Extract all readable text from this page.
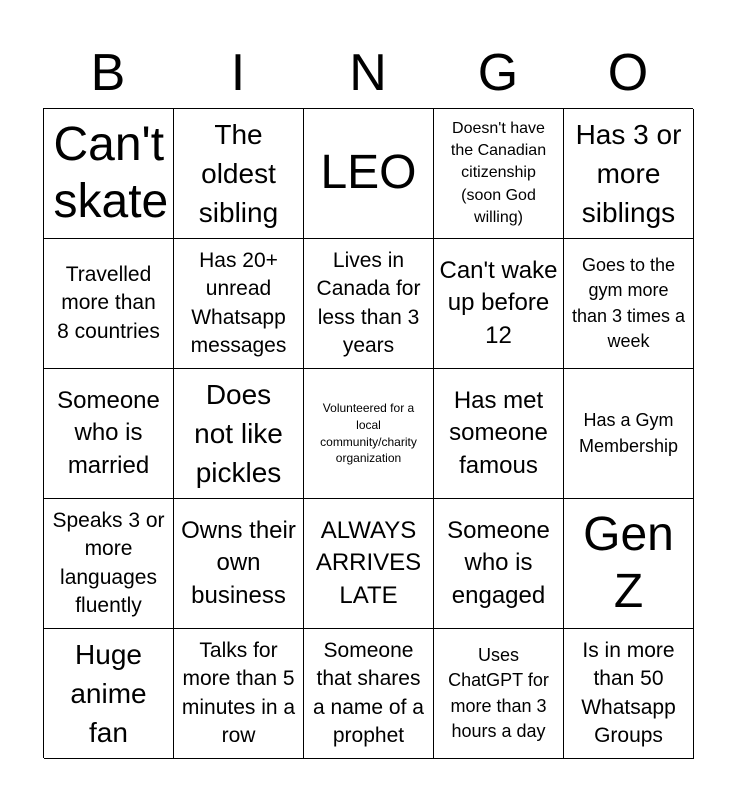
B	I	N	G	O
Can't skate
The oldest sibling
LEO
Doesn't have the Canadian citizenship (soon God willing)
Has 3 or more siblings
Travelled more than 8 countries
Has 20+ unread Whatsapp messages
Lives in Canada for less than 3 years
Can't wake up before 12
Goes to the gym more than 3 times a week
Someone who is married
Does not like pickles
Volunteered for a local community/charity organization
Has met someone famous
Has a Gym Membership
Speaks 3 or more languages fluently
Owns their own business
ALWAYS ARRIVES LATE
Someone who is engaged
Gen Z
Huge anime fan
Talks for more than 5 minutes in a row
Someone that shares a name of a prophet
Uses ChatGPT for more than 3 hours a day
Is in more than 50 Whatsapp Groups
